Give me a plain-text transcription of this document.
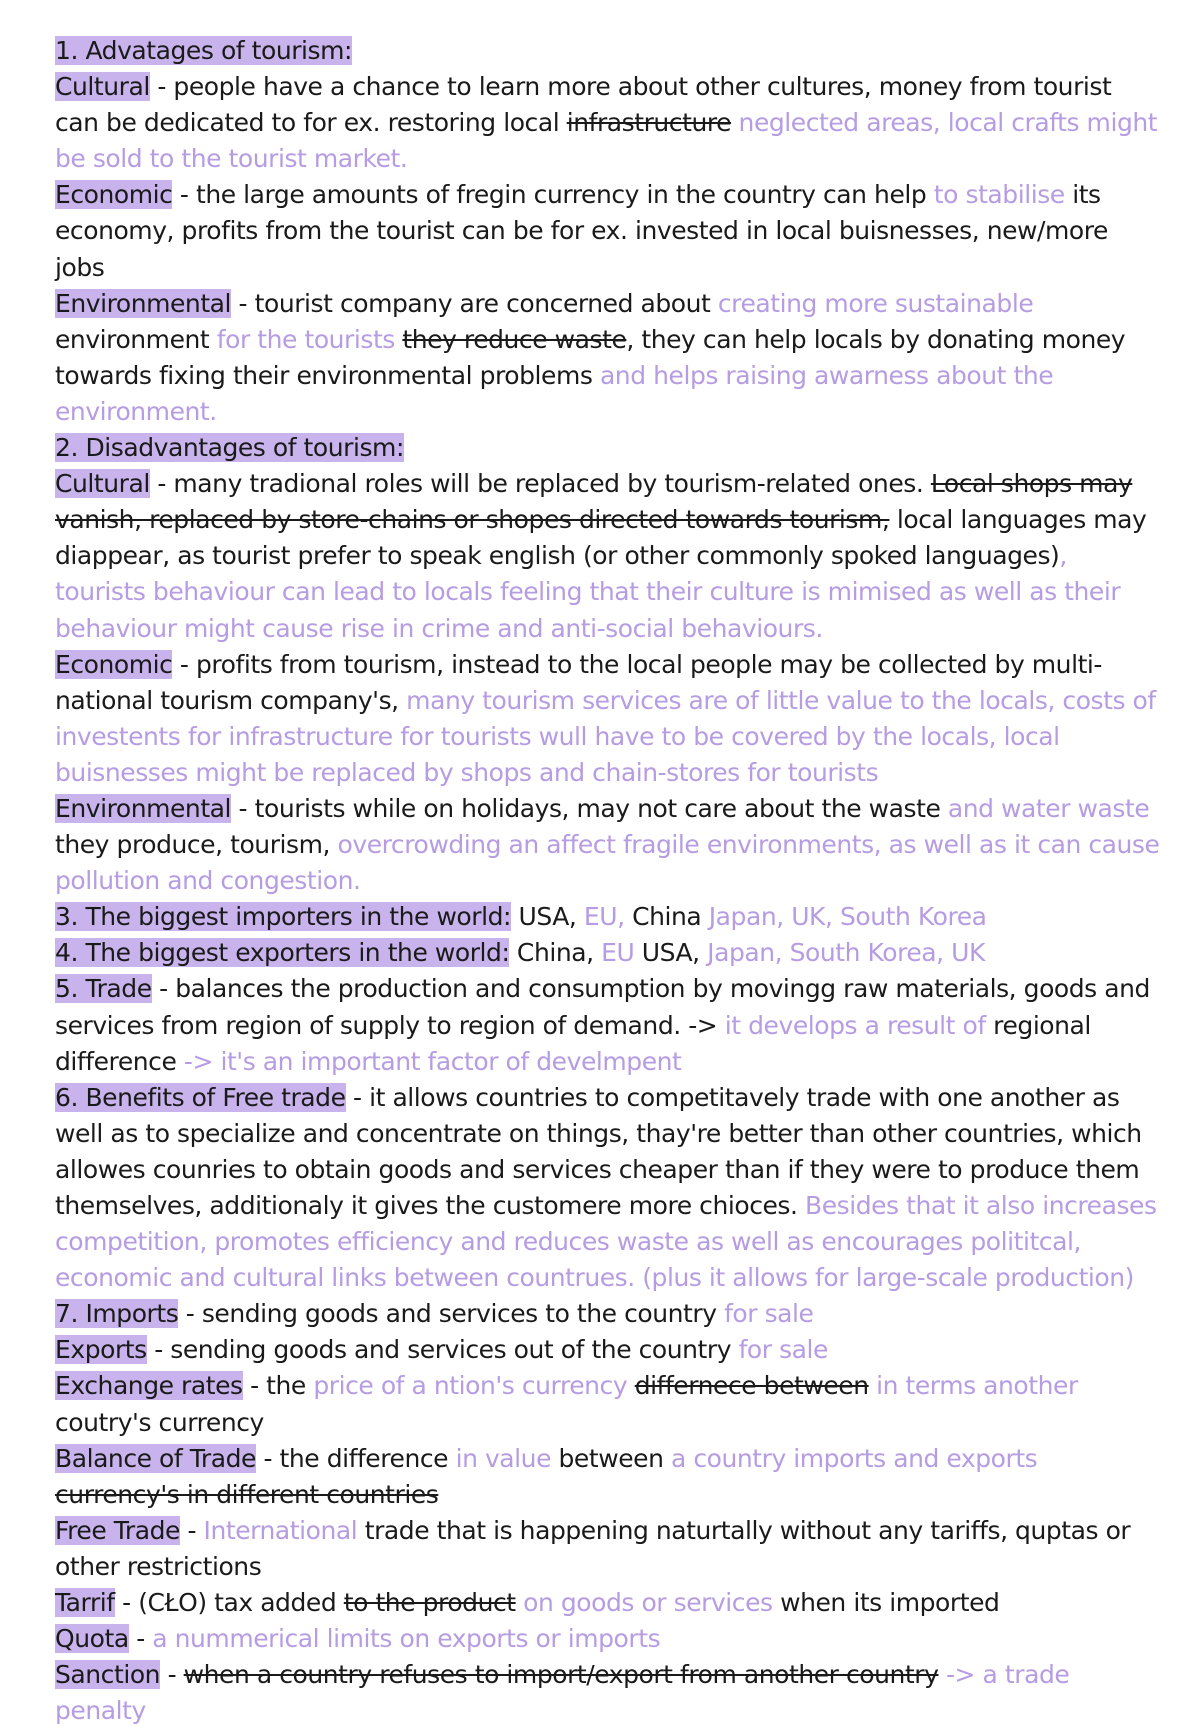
1. Advatages of tourism:

Cultural - people have a chance to learn more about other cultures, money from tourist can be dedicated to for ex. restoring local infrastructure neglected areas, local crafts might be sold to the tourist market.

Economic - the large amounts of fregin currency in the country can help to stabilise its economy, profits from the tourist can be for ex. invested in local buisnesses, new/more jobs

Environmental - tourist company are concerned about creating more sustainable environment for the tourists they reduce waste, they can help locals by donating money towards fixing their environmental problems and helps raising awarness about the environment.

2. Disadvantages of tourism:

Cultural - many tradional roles will be replaced by tourism-related ones. Local shops may vanish, replaced by store-chains or shopes directed towards tourism, local languages may diappear, as tourist prefer to speak english (or other commonly spoked languages), tourists behaviour can lead to locals feeling that their culture is mimised as well as their behaviour might cause rise in crime and anti-social behaviours.

Economic - profits from tourism, instead to the local people may be collected by multi-national tourism company's, many tourism services are of little value to the locals, costs of investents for infrastructure for tourists wull have to be covered by the locals, local buisnesses might be replaced by shops and chain-stores for tourists

Environmental - tourists while on holidays, may not care about the waste and water waste they produce, tourism, overcrowding an affect fragile environments, as well as it can cause pollution and congestion.

3. The biggest importers in the world: USA, EU, China Japan, UK, South Korea

4. The biggest exporters in the world: China, EU USA, Japan, South Korea, UK

5. Trade - balances the production and consumption by movingg raw materials, goods and services from region of supply to region of demand. -> it develops a result of regional difference -> it's an important factor of develmpent

6. Benefits of Free trade - it allows countries to competitavely trade with one another as well as to specialize and concentrate on things, thay're better than other countries, which allowes counries to obtain goods and services cheaper than if they were to produce them themselves, additionaly it gives the customere more chioces. Besides that it also increases competition, promotes efficiency and reduces waste as well as encourages polititcal, economic and cultural links between countrues. (plus it allows for large-scale production)

7. Imports - sending goods and services to the country for sale

Exports - sending goods and services out of the country for sale

Exchange rates - the price of a ntion's currency differnece between in terms another coutry's currency

Balance of Trade - the difference in value between a country imports and exports currency's in different countries

Free Trade - International trade that is happening naturtally without any tariffs, quptas or other restrictions

Tarrif - (CŁO) tax added to the product on goods or services when its imported

Quota - a nummerical limits on exports or imports

Sanction - when a country refuses to import/export from another country -> a trade penalty
